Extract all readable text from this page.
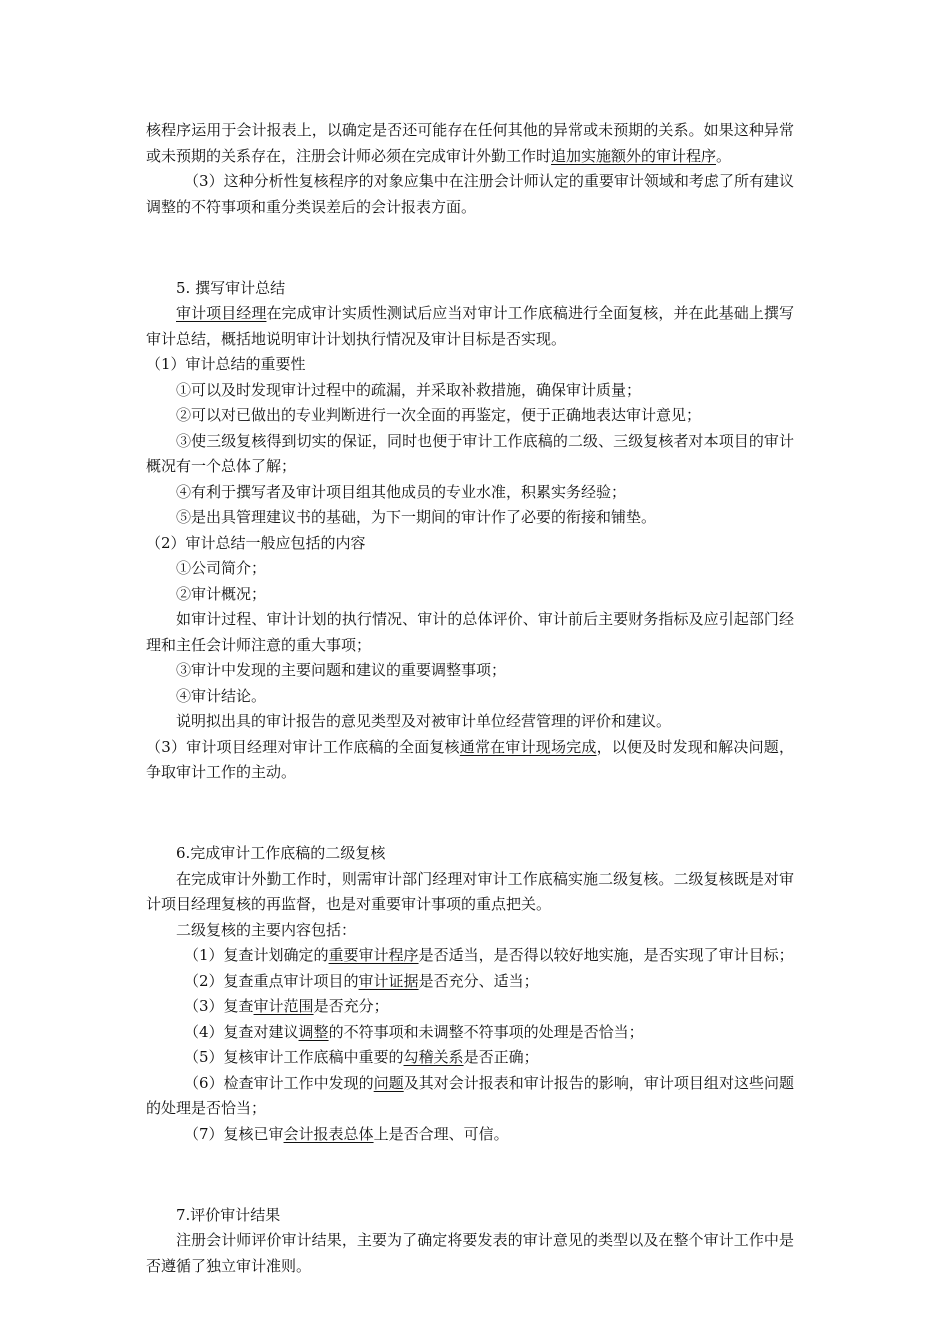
核程序运用于会计报表上，以确定是否还可能存在任何其他的异常或未预期的关系。如果这种异常或未预期的关系存在，注册会计师必须在完成审计外勤工作时追加实施额外的审计程序。

（3）这种分析性复核程序的对象应集中在注册会计师认定的重要审计领域和考虑了所有建议调整的不符事项和重分类误差后的会计报表方面。

5. 撰写审计总结

审计项目经理在完成审计实质性测试后应当对审计工作底稿进行全面复核，并在此基础上撰写审计总结，概括地说明审计计划执行情况及审计目标是否实现。

（1）审计总结的重要性

①可以及时发现审计过程中的疏漏，并采取补救措施，确保审计质量；

②可以对已做出的专业判断进行一次全面的再鉴定，便于正确地表达审计意见；

③使三级复核得到切实的保证，同时也便于审计工作底稿的二级、三级复核者对本项目的审计概况有一个总体了解；

④有利于撰写者及审计项目组其他成员的专业水准，积累实务经验；

⑤是出具管理建议书的基础，为下一期间的审计作了必要的衔接和铺垫。

（2）审计总结一般应包括的内容

①公司简介；

②审计概况；

如审计过程、审计计划的执行情况、审计的总体评价、审计前后主要财务指标及应引起部门经理和主任会计师注意的重大事项；

③审计中发现的主要问题和建议的重要调整事项；

④审计结论。

说明拟出具的审计报告的意见类型及对被审计单位经营管理的评价和建议。

（3）审计项目经理对审计工作底稿的全面复核通常在审计现场完成，以便及时发现和解决问题，争取审计工作的主动。

6.完成审计工作底稿的二级复核

在完成审计外勤工作时，则需审计部门经理对审计工作底稿实施二级复核。二级复核既是对审计项目经理复核的再监督，也是对重要审计事项的重点把关。

二级复核的主要内容包括：

（1）复查计划确定的重要审计程序是否适当，是否得以较好地实施，是否实现了审计目标；

（2）复查重点审计项目的审计证据是否充分、适当；

（3）复查审计范围是否充分；

（4）复查对建议调整的不符事项和未调整不符事项的处理是否恰当；

（5）复核审计工作底稿中重要的勾稽关系是否正确；

（6）检查审计工作中发现的问题及其对会计报表和审计报告的影响，审计项目组对这些问题的处理是否恰当；

（7）复核已审会计报表总体上是否合理、可信。

7.评价审计结果

注册会计师评价审计结果，主要为了确定将要发表的审计意见的类型以及在整个审计工作中是否遵循了独立审计准则。
